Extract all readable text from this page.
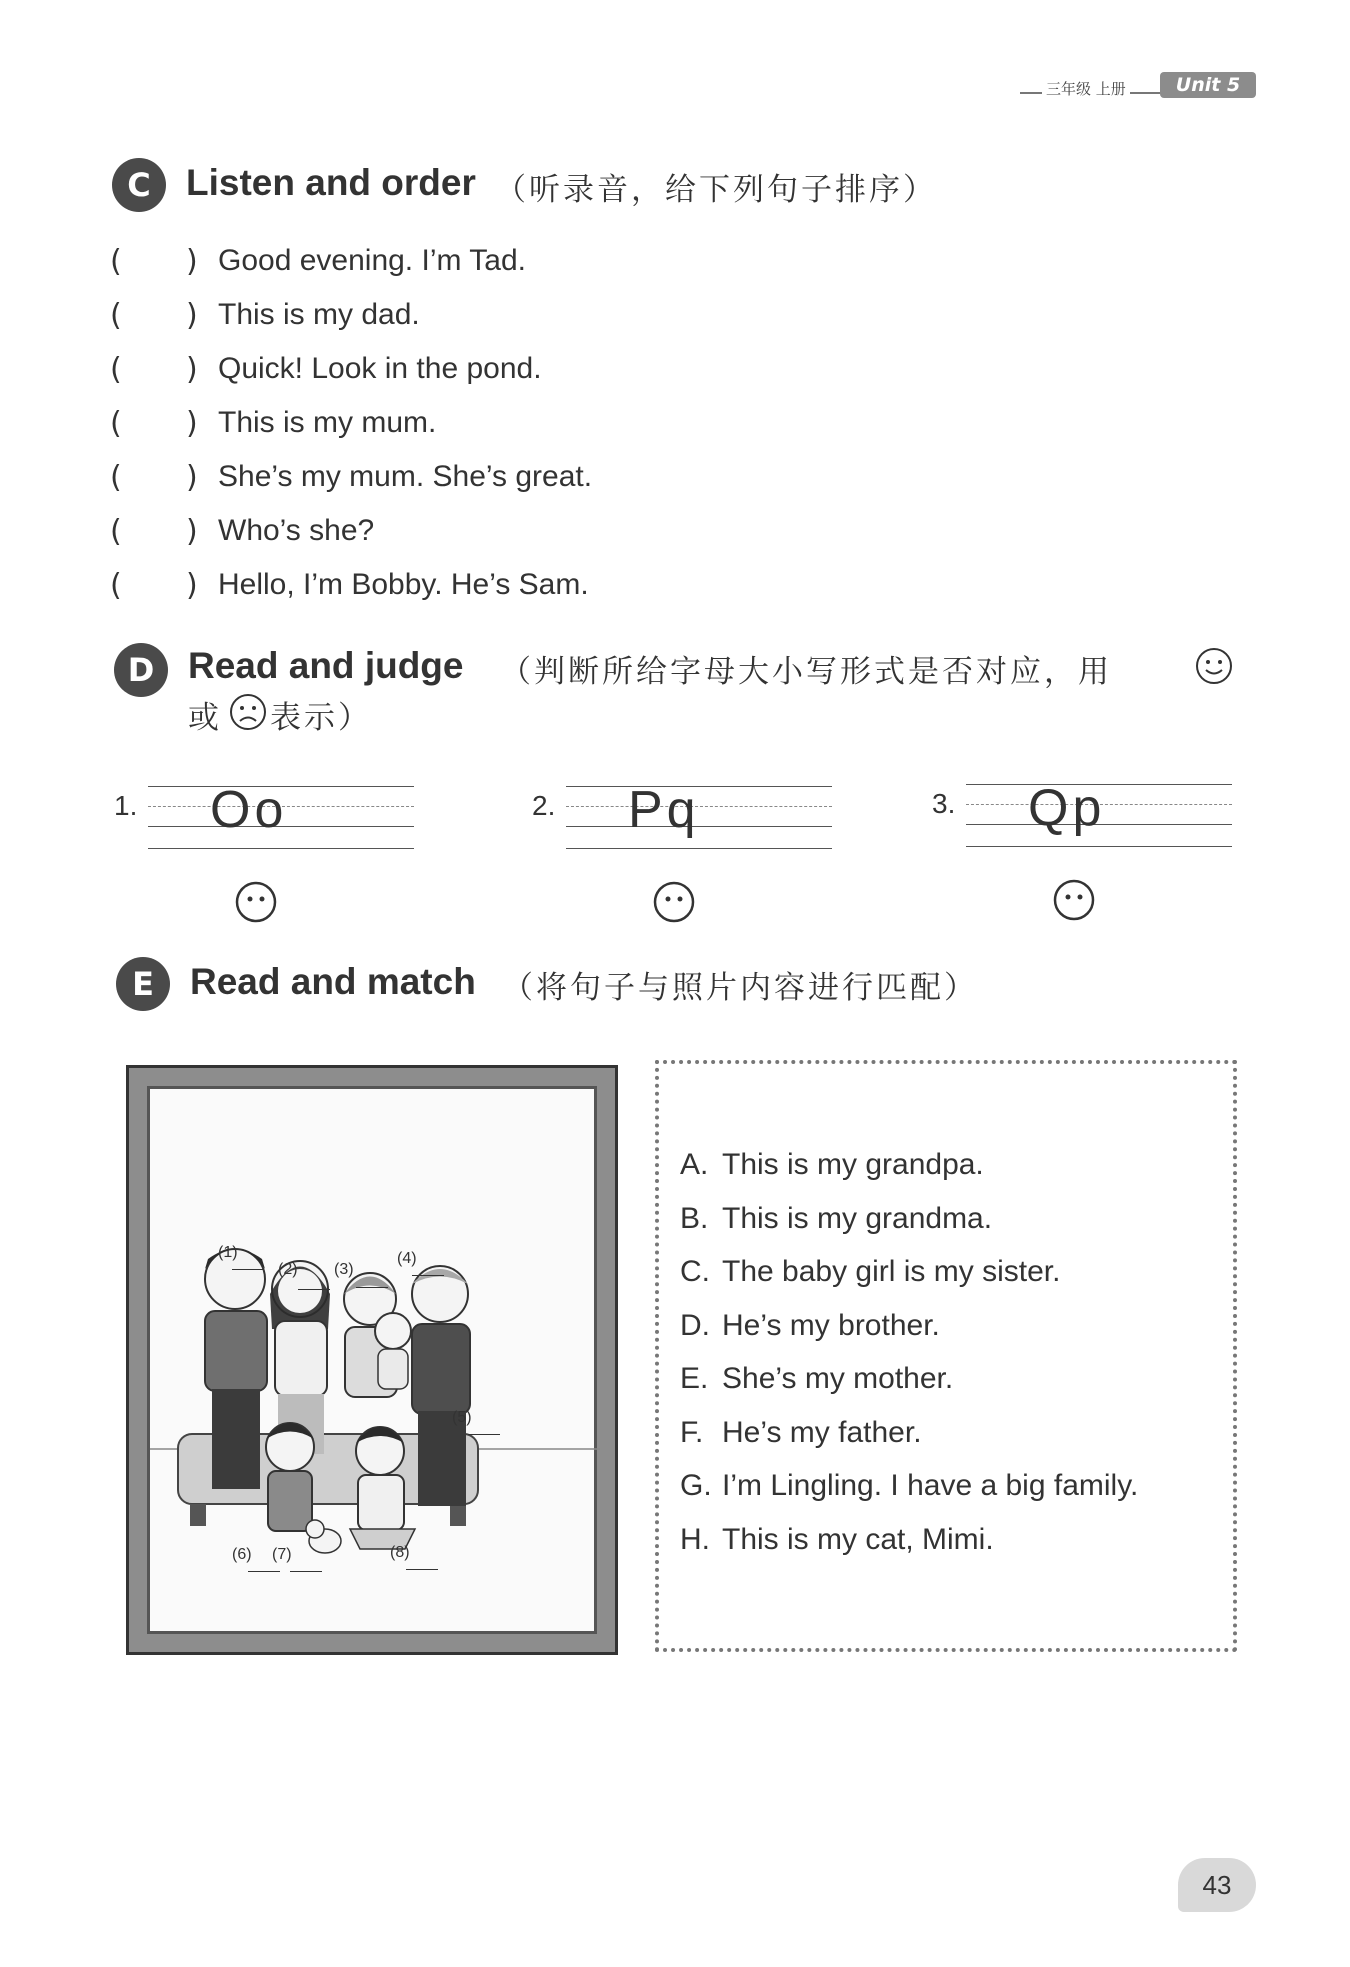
三年级 上册	Unit 5
C Listen and order （听录音，给下列句子排序）
( ) Good evening. I’m Tad.
( ) This is my dad.
( ) Quick! Look in the pond.
( ) This is my mum.
( ) She’s my mum. She’s great.
( ) Who’s she?
( ) Hello, I’m Bobby. He’s Sam.
D Read and judge （判断所给字母大小写形式是否对应，用
或 表示）
1. Oo	2. Pq	3. Qp
E Read and match （将句子与照片内容进行匹配）
(1)
(2) (3)
(4)
(5)
(6) (7)	(8)
A. This is my grandpa.
B. This is my grandma.
C. The baby girl is my sister.
D. He’s my brother.
E. She’s my mother.
F. He’s my father.
G. I’m Lingling. I have a big family.
H. This is my cat, Mimi.
43
